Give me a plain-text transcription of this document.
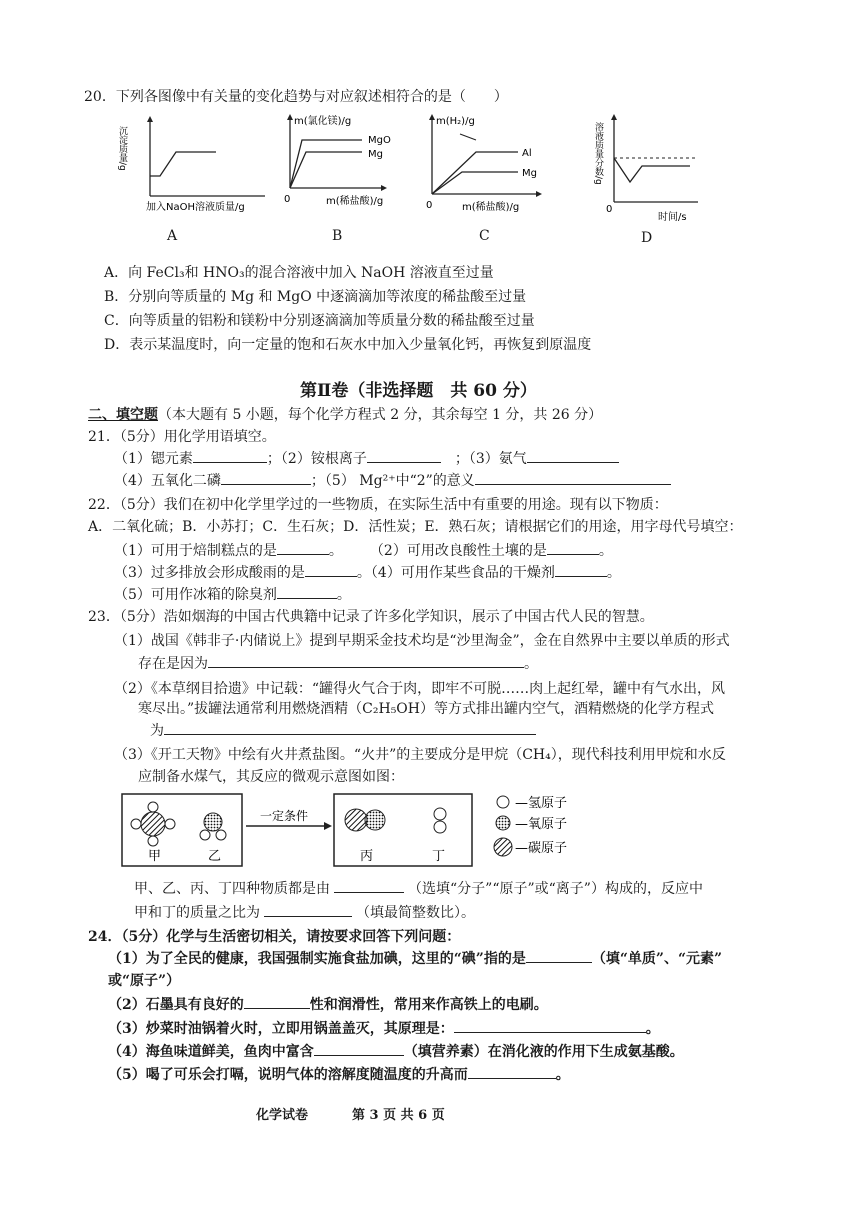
20．下列各图像中有关量的变化趋势与对应叙述相符合的是（　　）
沉淀质量/g
加入NaOH溶液质量/g
A
m(氯化镁)/g
MgO
Mg
0	m(稀盐酸)/g
B
m(H₂)/g
Al
Mg
0	m(稀盐酸)/g
C
溶液质量分数/g
0
时间/s
D
A．向 FeCl₃和 HNO₃的混合溶液中加入 NaOH 溶液直至过量
B．分别向等质量的 Mg 和 MgO 中逐滴滴加等浓度的稀盐酸至过量
C．向等质量的铝粉和镁粉中分别逐滴滴加等质量分数的稀盐酸至过量
D．表示某温度时，向一定量的饱和石灰水中加入少量氧化钙，再恢复到原温度
第Ⅱ卷（非选择题　共 60 分）
二、填空题（本大题有 5 小题，每个化学方程式 2 分，其余每空 1 分，共 26 分）
21．（5分）用化学用语填空。
（1）锶元素	；（2）铵根离子	；（3）氨气
（4）五氧化二磷	；（5） Mg²⁺中“2”的意义
22．（5分）我们在初中化学里学过的一些物质，在实际生活中有重要的用途。现有以下物质：
A．二氧化硫；B．小苏打；C．生石灰；D．活性炭；E．熟石灰；请根据它们的用途，用字母代号填空：
（1）可用于焙制糕点的是	。 （2）可用改良酸性土壤的是	。
（3）过多排放会形成酸雨的是	。（4）可用作某些食品的干燥剂	。
（5）可用作冰箱的除臭剂	。
23．（5分）浩如烟海的中国古代典籍中记录了许多化学知识，展示了中国古代人民的智慧。
（1）战国《韩非子·内储说上》提到早期采金技术均是“沙里淘金”，金在自然界中主要以单质的形式
存在是因为	。
（2）《本草纲目拾遗》中记载：“罐得火气合于肉，即牢不可脱……肉上起红晕，罐中有气水出，风
寒尽出。”拔罐法通常利用燃烧酒精（C₂H₅OH）等方式排出罐内空气，酒精燃烧的化学方程式
为
（3）《开工天物》中绘有火井煮盐图。“火井”的主要成分是甲烷（CH₄），现代科技利用甲烷和水反
应制备水煤气，其反应的微观示意图如图：
甲	乙
一定条件
丙	丁
—氢原子
—氧原子
—碳原子
甲、乙、丙、丁四种物质都是由	（选填“分子”“原子”或“离子”）构成的，反应中
甲和丁的质量之比为	（填最简整数比）。
24．（5分）化学与生活密切相关，请按要求回答下列问题：
（1）为了全民的健康，我国强制实施食盐加碘，这里的“碘”指的是	（填“单质”、“元素”
或“原子”）
（2）石墨具有良好的	性和润滑性，常用来作高铁上的电刷。
（3）炒菜时油锅着火时，立即用锅盖盖灭，其原理是：	。
（4）海鱼味道鲜美，鱼肉中富含	（填营养素）在消化液的作用下生成氨基酸。
（5）喝了可乐会打嗝，说明气体的溶解度随温度的升高而	。
化学试卷	第 3 页 共 6 页
